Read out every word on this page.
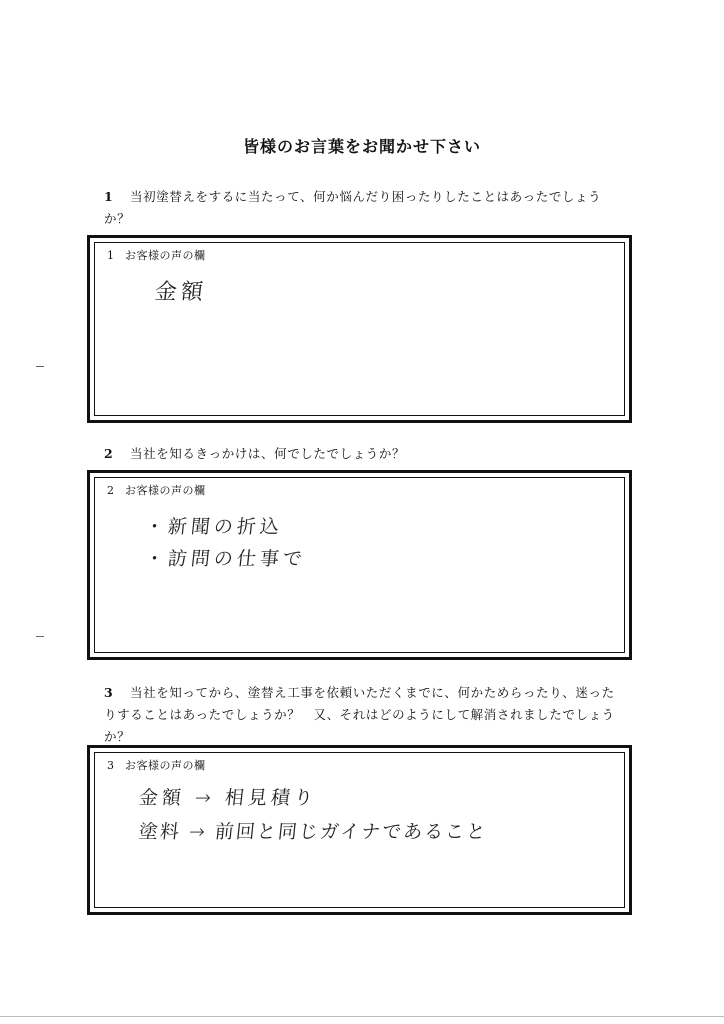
皆様のお言葉をお聞かせ下さい
1 当初塗替えをするに当たって、何か悩んだり困ったりしたことはあったでしょう
か？
1 お客様の声の欄
金額
2 当社を知るきっかけは、何でしたでしょうか？
2 お客様の声の欄
・新聞の折込
・訪問の仕事で
3 当社を知ってから、塗替え工事を依頼いただくまでに、何かためらったり、迷った
りすることはあったでしょうか？　又、それはどのようにして解消されましたでしょう
か？
3 お客様の声の欄
金額 → 相見積り
塗料 → 前回と同じガイナであること
